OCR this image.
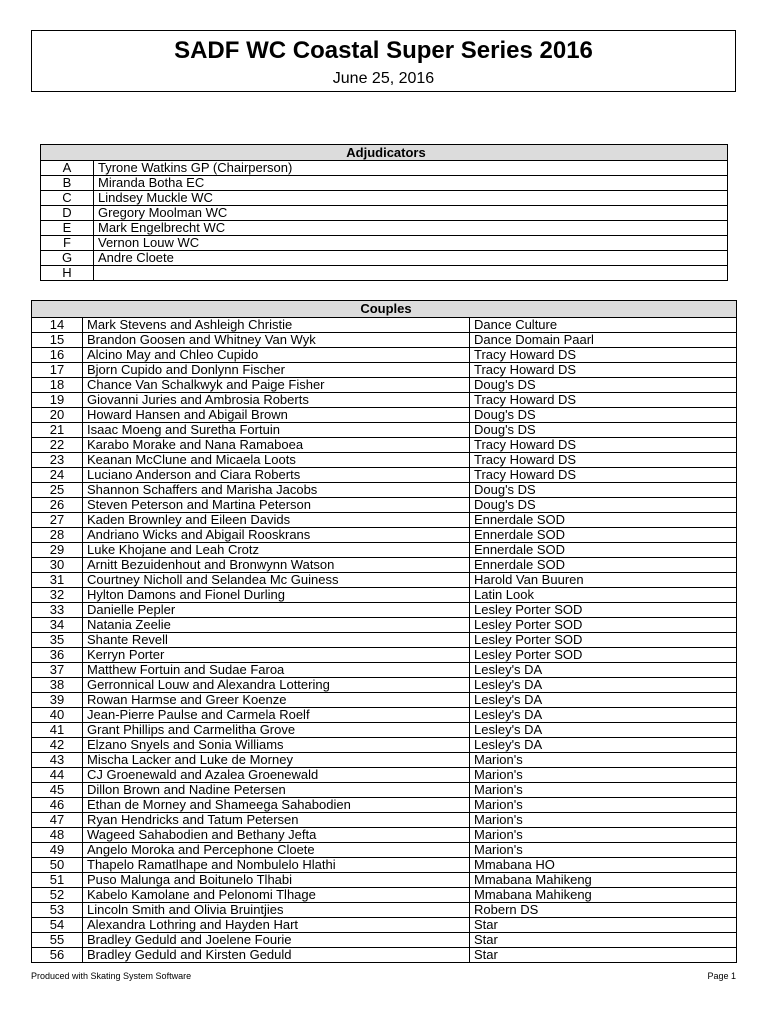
SADF WC Coastal Super Series 2016
June 25, 2016
Adjudicators	
A	Tyrone Watkins GP (Chairperson)
B	Miranda Botha EC
C	Lindsey Muckle WC
D	Gregory Moolman WC
E	Mark Engelbrecht WC
F	Vernon Louw WC
G	Andre Cloete
H	
Couples		
14	Mark Stevens and Ashleigh Christie	Dance Culture
15	Brandon Goosen and Whitney Van Wyk	Dance Domain Paarl
16	Alcino May and Chleo Cupido	Tracy Howard DS
17	Bjorn Cupido and Donlynn Fischer	Tracy Howard DS
18	Chance Van Schalkwyk and Paige Fisher	Doug's DS
19	Giovanni Juries and Ambrosia Roberts	Tracy Howard DS
20	Howard Hansen and Abigail Brown	Doug's DS
21	Isaac Moeng and Suretha Fortuin	Doug's DS
22	Karabo Morake and Nana Ramaboea	Tracy Howard DS
23	Keanan McClune and Micaela Loots	Tracy Howard DS
24	Luciano Anderson and Ciara Roberts	Tracy Howard DS
25	Shannon Schaffers and Marisha Jacobs	Doug's DS
26	Steven Peterson and Martina Peterson	Doug's DS
27	Kaden Brownley and Eileen Davids	Ennerdale SOD
28	Andriano Wicks and Abigail Rooskrans	Ennerdale SOD
29	Luke Khojane and Leah Crotz	Ennerdale SOD
30	Arnitt Bezuidenhout and Bronwynn Watson	Ennerdale SOD
31	Courtney Nicholl and Selandea Mc Guiness	Harold Van Buuren
32	Hylton Damons and Fionel Durling	Latin Look
33	Danielle Pepler	Lesley Porter SOD
34	Natania Zeelie	Lesley Porter SOD
35	Shante Revell	Lesley Porter SOD
36	Kerryn Porter	Lesley Porter SOD
37	Matthew Fortuin and Sudae Faroa	Lesley's DA
38	Gerronnical Louw and Alexandra Lottering	Lesley's DA
39	Rowan Harmse and Greer Koenze	Lesley's DA
40	Jean-Pierre Paulse and Carmela Roelf	Lesley's DA
41	Grant Phillips and Carmelitha Grove	Lesley's DA
42	Elzano Snyels and Sonia Williams	Lesley's DA
43	Mischa Lacker and Luke de Morney	Marion's
44	CJ Groenewald and Azalea Groenewald	Marion's
45	Dillon Brown and Nadine Petersen	Marion's
46	Ethan de Morney and Shameega Sahabodien	Marion's
47	Ryan Hendricks and Tatum Petersen	Marion's
48	Wageed Sahabodien and Bethany Jefta	Marion's
49	Angelo Moroka and Percephone Cloete	Marion's
50	Thapelo Ramatlhape and Nombulelo Hlathi	Mmabana HO
51	Puso Malunga and Boitunelo Tlhabi	Mmabana Mahikeng
52	Kabelo Kamolane and Pelonomi Tlhage	Mmabana Mahikeng
53	Lincoln Smith and Olivia Bruintjies	Robern DS
54	Alexandra Lothring and Hayden Hart	Star
55	Bradley Geduld and Joelene Fourie	Star
56	Bradley Geduld and Kirsten Geduld	Star
Produced with Skating System Software	Page 1
